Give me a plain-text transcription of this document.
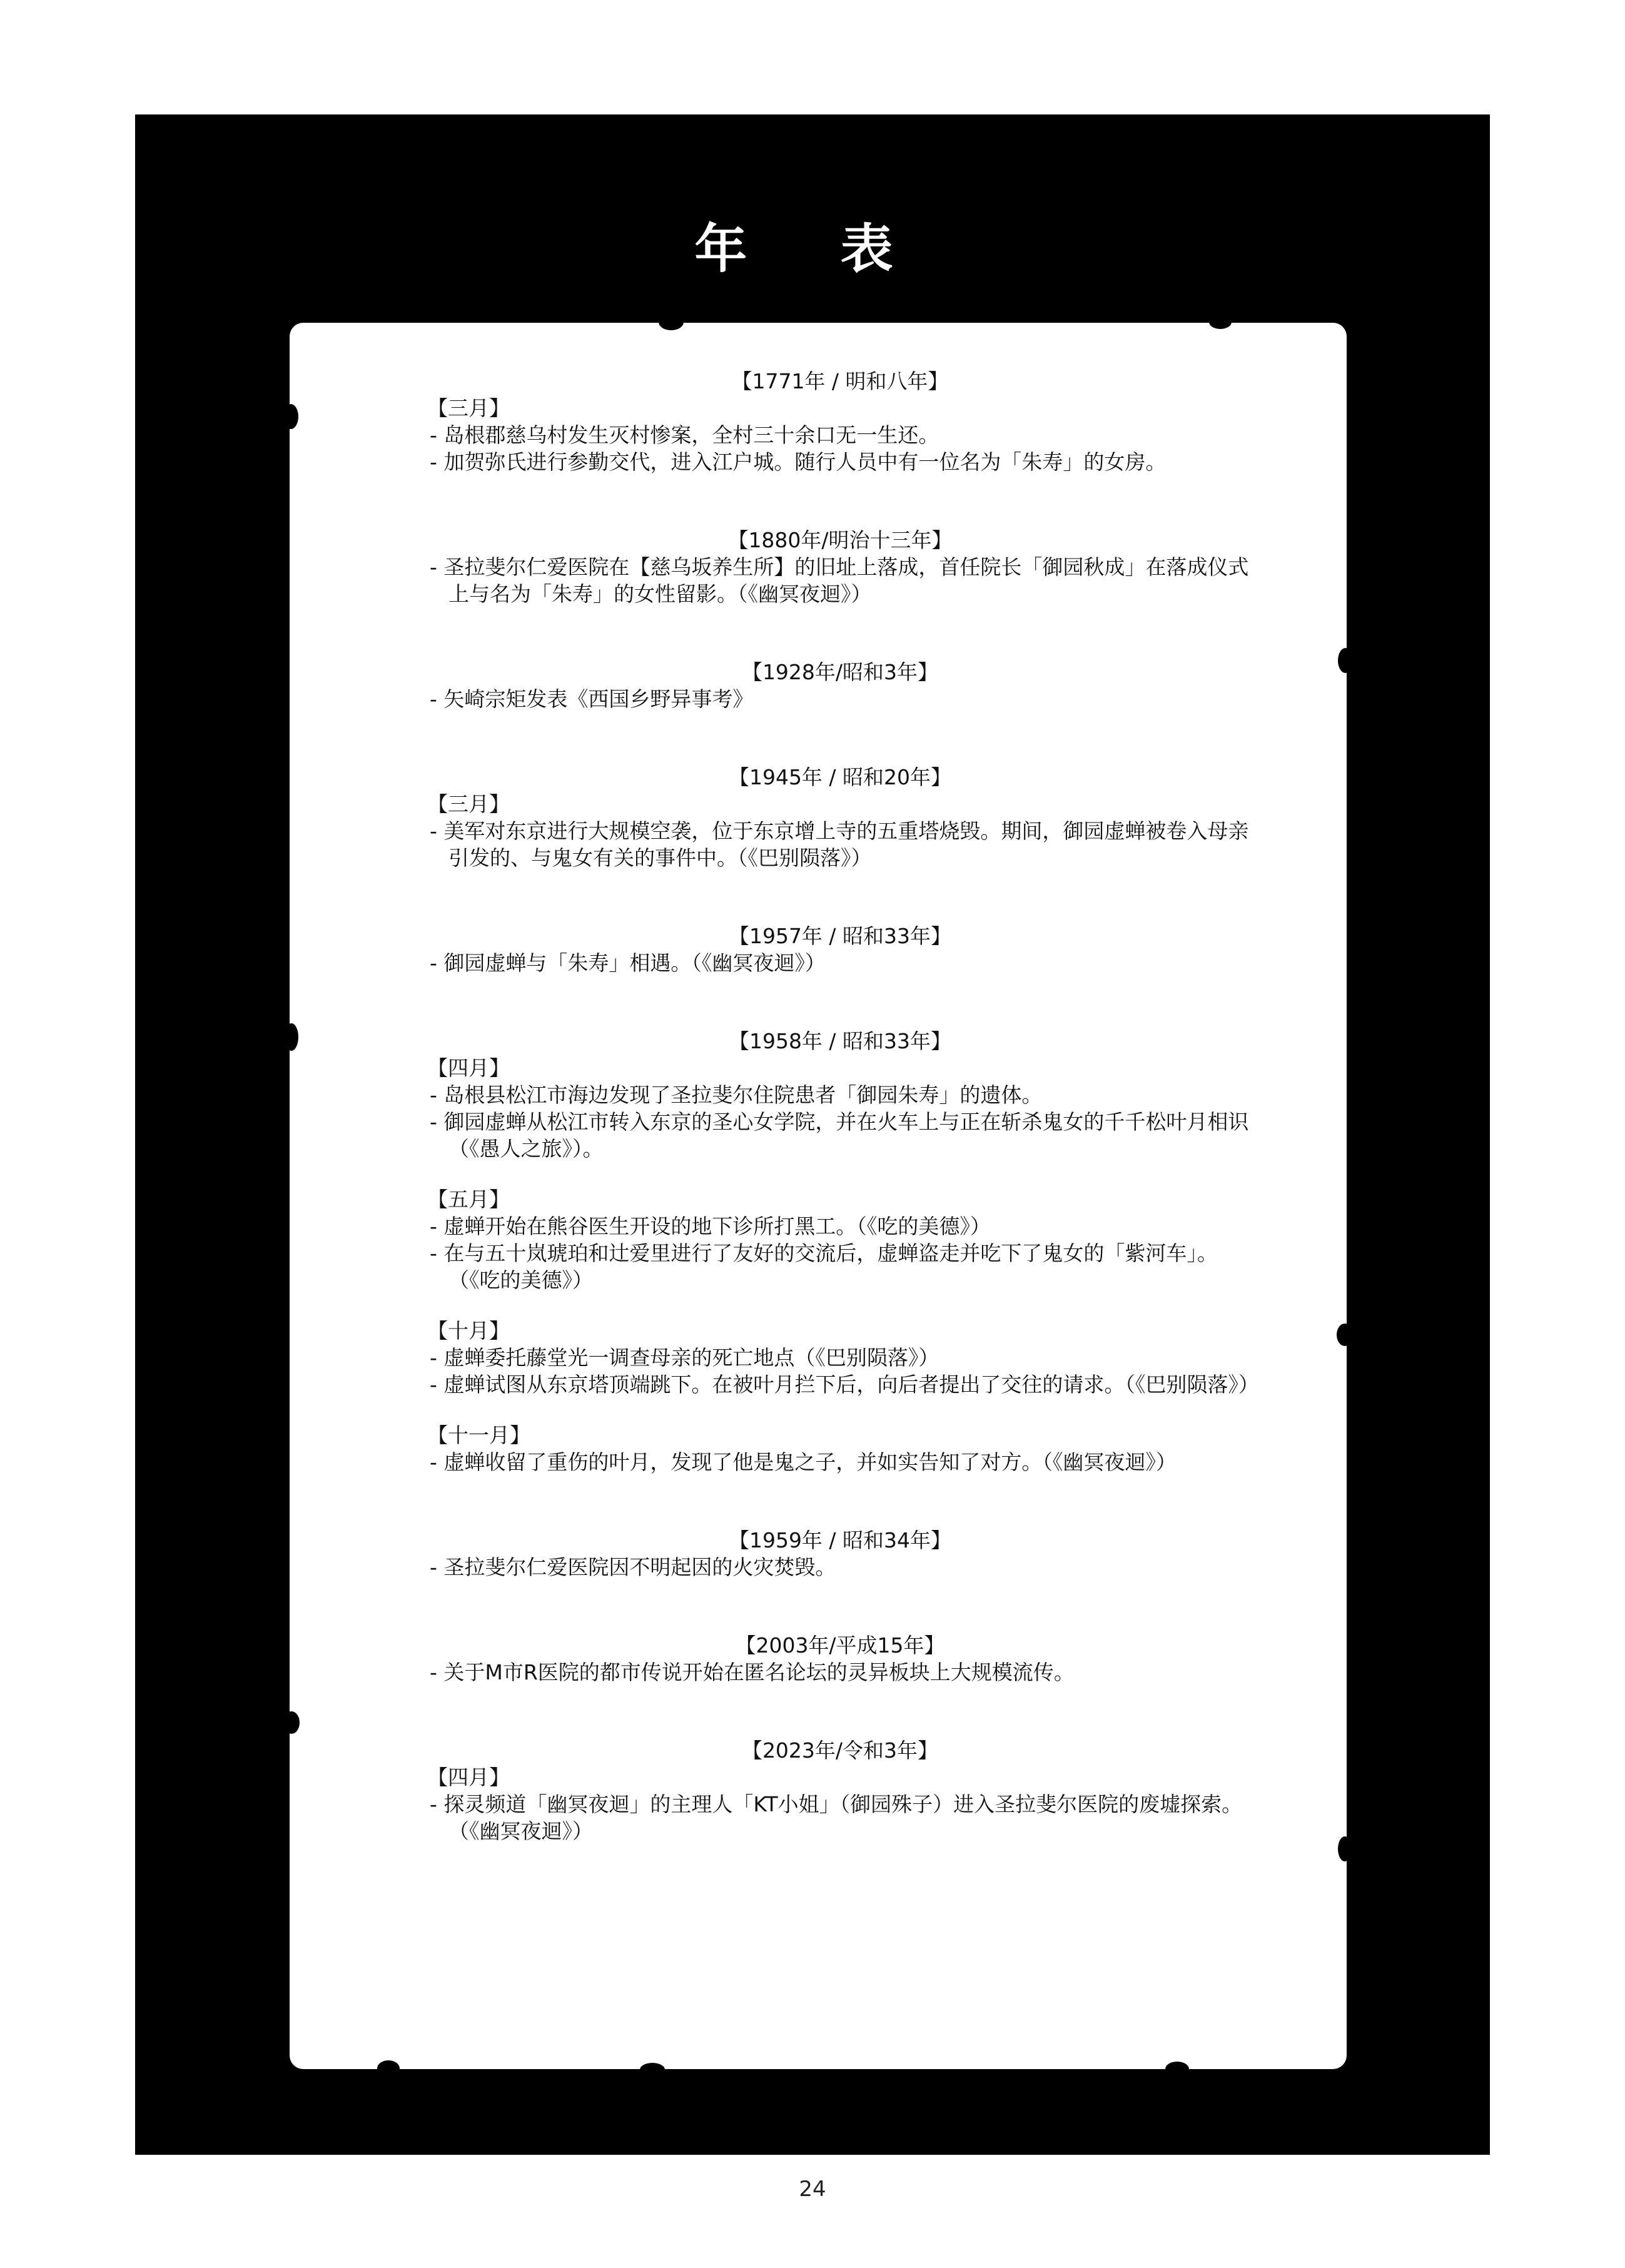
年 表

【1771年 / 明和八年】

【三月】

- 岛根郡慈乌村发生灭村惨案，全村三十余口无一生还。

- 加贺弥氏进行参勤交代，进入江户城。随行人员中有一位名为「朱寿」的女房。

【1880年/明治十三年】

- 圣拉斐尔仁爱医院在【慈乌坂养生所】的旧址上落成，首任院长「御园秋成」在落成仪式上与名为「朱寿」的女性留影。（《幽冥夜迴》）

【1928年/昭和3年】

- 矢崎宗矩发表《西国乡野异事考》

【1945年 / 昭和20年】

【三月】

- 美军对东京进行大规模空袭，位于东京增上寺的五重塔烧毁。期间，御园虚蝉被卷入母亲引发的、与鬼女有关的事件中。（《巴别陨落》）

【1957年 / 昭和33年】

- 御园虚蝉与「朱寿」相遇。（《幽冥夜迴》）

【1958年 / 昭和33年】

【四月】

- 岛根县松江市海边发现了圣拉斐尔住院患者「御园朱寿」的遗体。

- 御园虚蝉从松江市转入东京的圣心女学院，并在火车上与正在斩杀鬼女的千千松叶月相识（《愚人之旅》）。

【五月】

- 虚蝉开始在熊谷医生开设的地下诊所打黑工。（《吃的美德》）

- 在与五十岚琥珀和辻爱里进行了友好的交流后，虚蝉盗走并吃下了鬼女的「紫河车」。（《吃的美德》）

【十月】

- 虚蝉委托藤堂光一调查母亲的死亡地点（《巴别陨落》）

- 虚蝉试图从东京塔顶端跳下。在被叶月拦下后，向后者提出了交往的请求。（《巴别陨落》）

【十一月】

- 虚蝉收留了重伤的叶月，发现了他是鬼之子，并如实告知了对方。（《幽冥夜迴》）

【1959年 / 昭和34年】

- 圣拉斐尔仁爱医院因不明起因的火灾焚毁。

【2003年/平成15年】

- 关于M市R医院的都市传说开始在匿名论坛的灵异板块上大规模流传。

【2023年/令和3年】

【四月】

- 探灵频道「幽冥夜迴」的主理人「KT小姐」（御园殊子）进入圣拉斐尔医院的废墟探索。（《幽冥夜迴》）

24
